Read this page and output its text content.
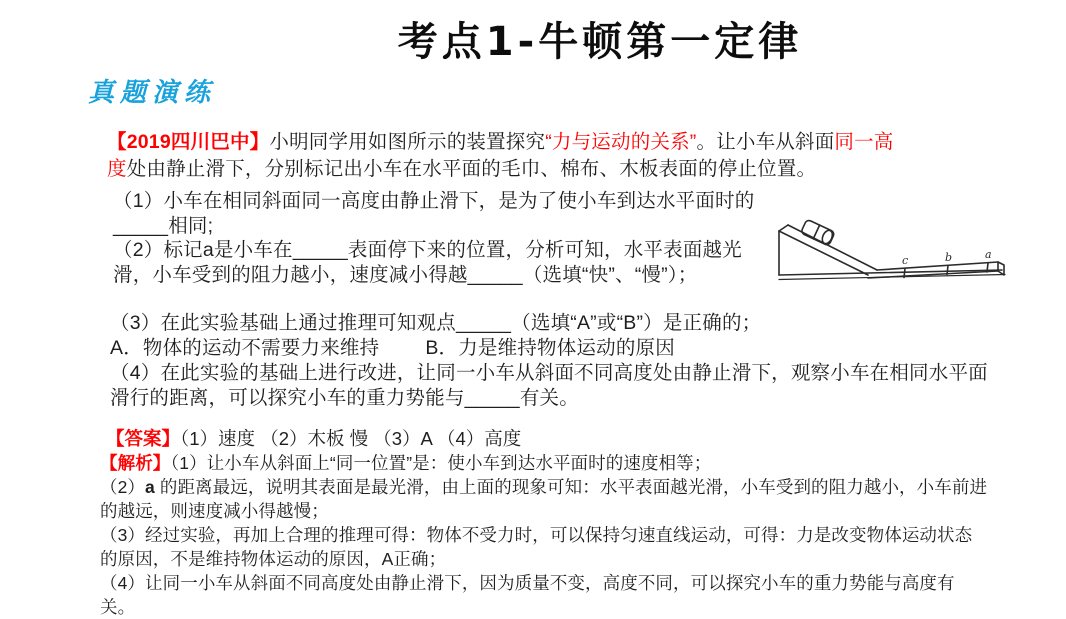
考点1-牛顿第一定律
真题演练
【2019四川巴中】小明同学用如图所示的装置探究“力与运动的关系”。让小车从斜面同一高度处由静止滑下，分别标记出小车在水平面的毛巾、棉布、木板表面的停止位置。
（1）小车在相同斜面同一高度由静止滑下，是为了使小车到达水平面时的_____相同;
（2）标记a是小车在_____表面停下来的位置，分析可知，水平表面越光滑，小车受到的阻力越小，速度减小得越_____（选填“快”、“慢”）；
c	b	a
（3）在此实验基础上通过推理可知观点_____（选填“A”或“B”）是正确的；
A．物体的运动不需要力来维持 B．力是维持物体运动的原因
（4）在此实验的基础上进行改进，让同一小车从斜面不同高度处由静止滑下，观察小车在相同水平面滑行的距离，可以探究小车的重力势能与_____有关。
【答案】（1）速度 （2）木板 慢 （3）A （4）高度
【解析】（1）让小车从斜面上“同一位置”是：使小车到达水平面时的速度相等；
（2）a 的距离最远，说明其表面是最光滑，由上面的现象可知：水平表面越光滑，小车受到的阻力越小，小车前进的越远，则速度减小得越慢；
（3）经过实验，再加上合理的推理可得：物体不受力时，可以保持匀速直线运动，可得：力是改变物体运动状态的原因，不是维持物体运动的原因，A正确；
（4）让同一小车从斜面不同高度处由静止滑下，因为质量不变，高度不同，可以探究小车的重力势能与高度有关。
